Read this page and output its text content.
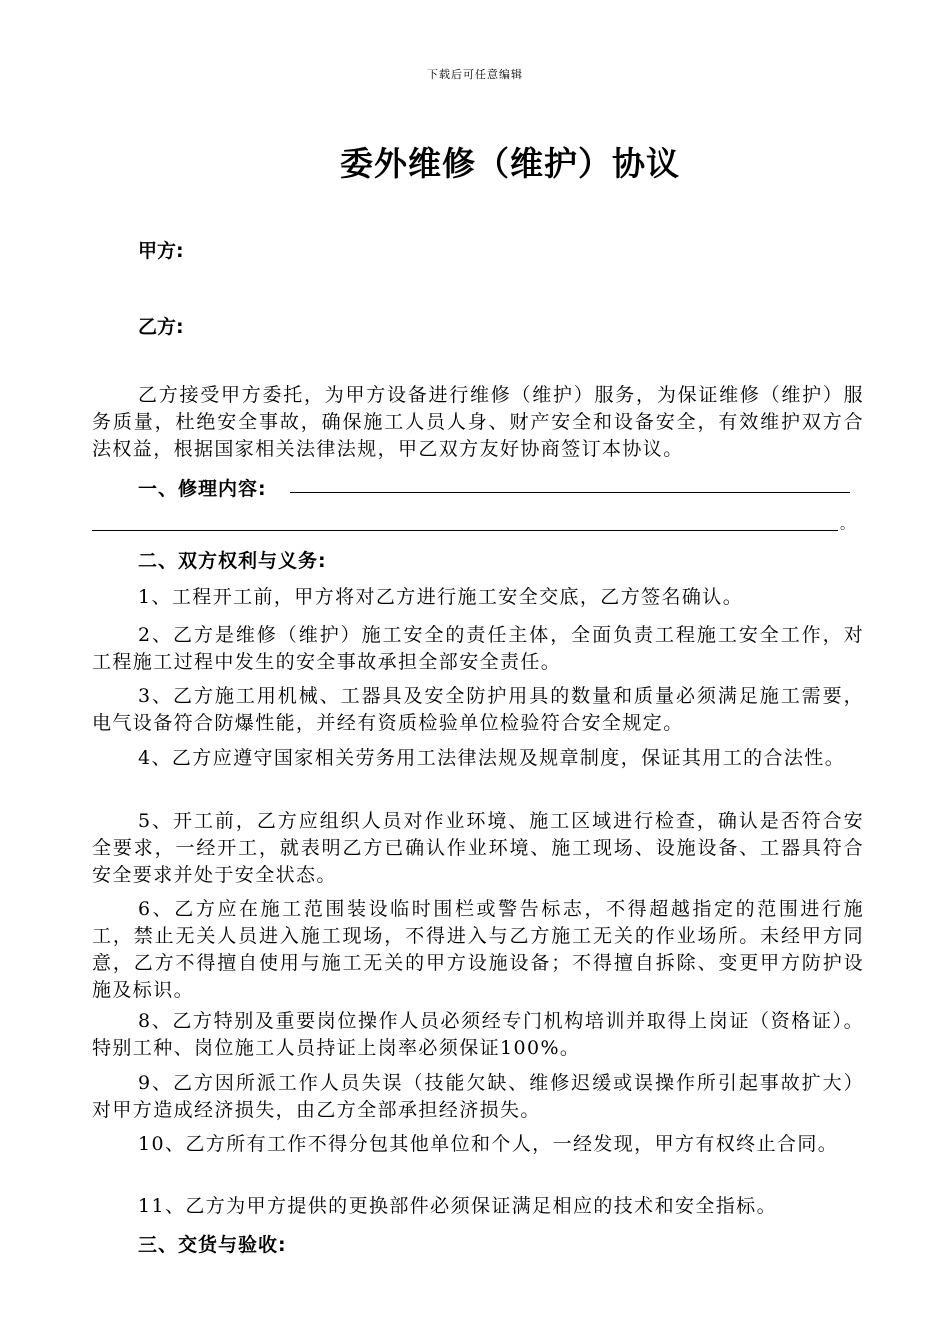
下载后可任意编辑
委外维修（维护）协议
甲方:
乙方:
乙方接受甲方委托，为甲方设备进行维修（维护）服务，为保证维修（维护）服务质量，杜绝安全事故，确保施工人员人身、财产安全和设备安全，有效维护双方合法权益，根据国家相关法律法规，甲乙双方友好协商签订本协议。
一、修理内容:
。
二、双方权利与义务:
1、工程开工前，甲方将对乙方进行施工安全交底，乙方签名确认。
2、乙方是维修（维护）施工安全的责任主体，全面负责工程施工安全工作，对工程施工过程中发生的安全事故承担全部安全责任。
3、乙方施工用机械、工器具及安全防护用具的数量和质量必须满足施工需要，电气设备符合防爆性能，并经有资质检验单位检验符合安全规定。
4、乙方应遵守国家相关劳务用工法律法规及规章制度，保证其用工的合法性。
5、开工前，乙方应组织人员对作业环境、施工区域进行检查，确认是否符合安全要求，一经开工，就表明乙方已确认作业环境、施工现场、设施设备、工器具符合安全要求并处于安全状态。
6、乙方应在施工范围装设临时围栏或警告标志，不得超越指定的范围进行施工，禁止无关人员进入施工现场，不得进入与乙方施工无关的作业场所。未经甲方同意，乙方不得擅自使用与施工无关的甲方设施设备；不得擅自拆除、变更甲方防护设施及标识。
8、乙方特别及重要岗位操作人员必须经专门机构培训并取得上岗证（资格证）。特别工种、岗位施工人员持证上岗率必须保证100%。
9、乙方因所派工作人员失误（技能欠缺、维修迟缓或误操作所引起事故扩大）对甲方造成经济损失，由乙方全部承担经济损失。
10、乙方所有工作不得分包其他单位和个人，一经发现，甲方有权终止合同。
11、乙方为甲方提供的更换部件必须保证满足相应的技术和安全指标。
三、交货与验收:
